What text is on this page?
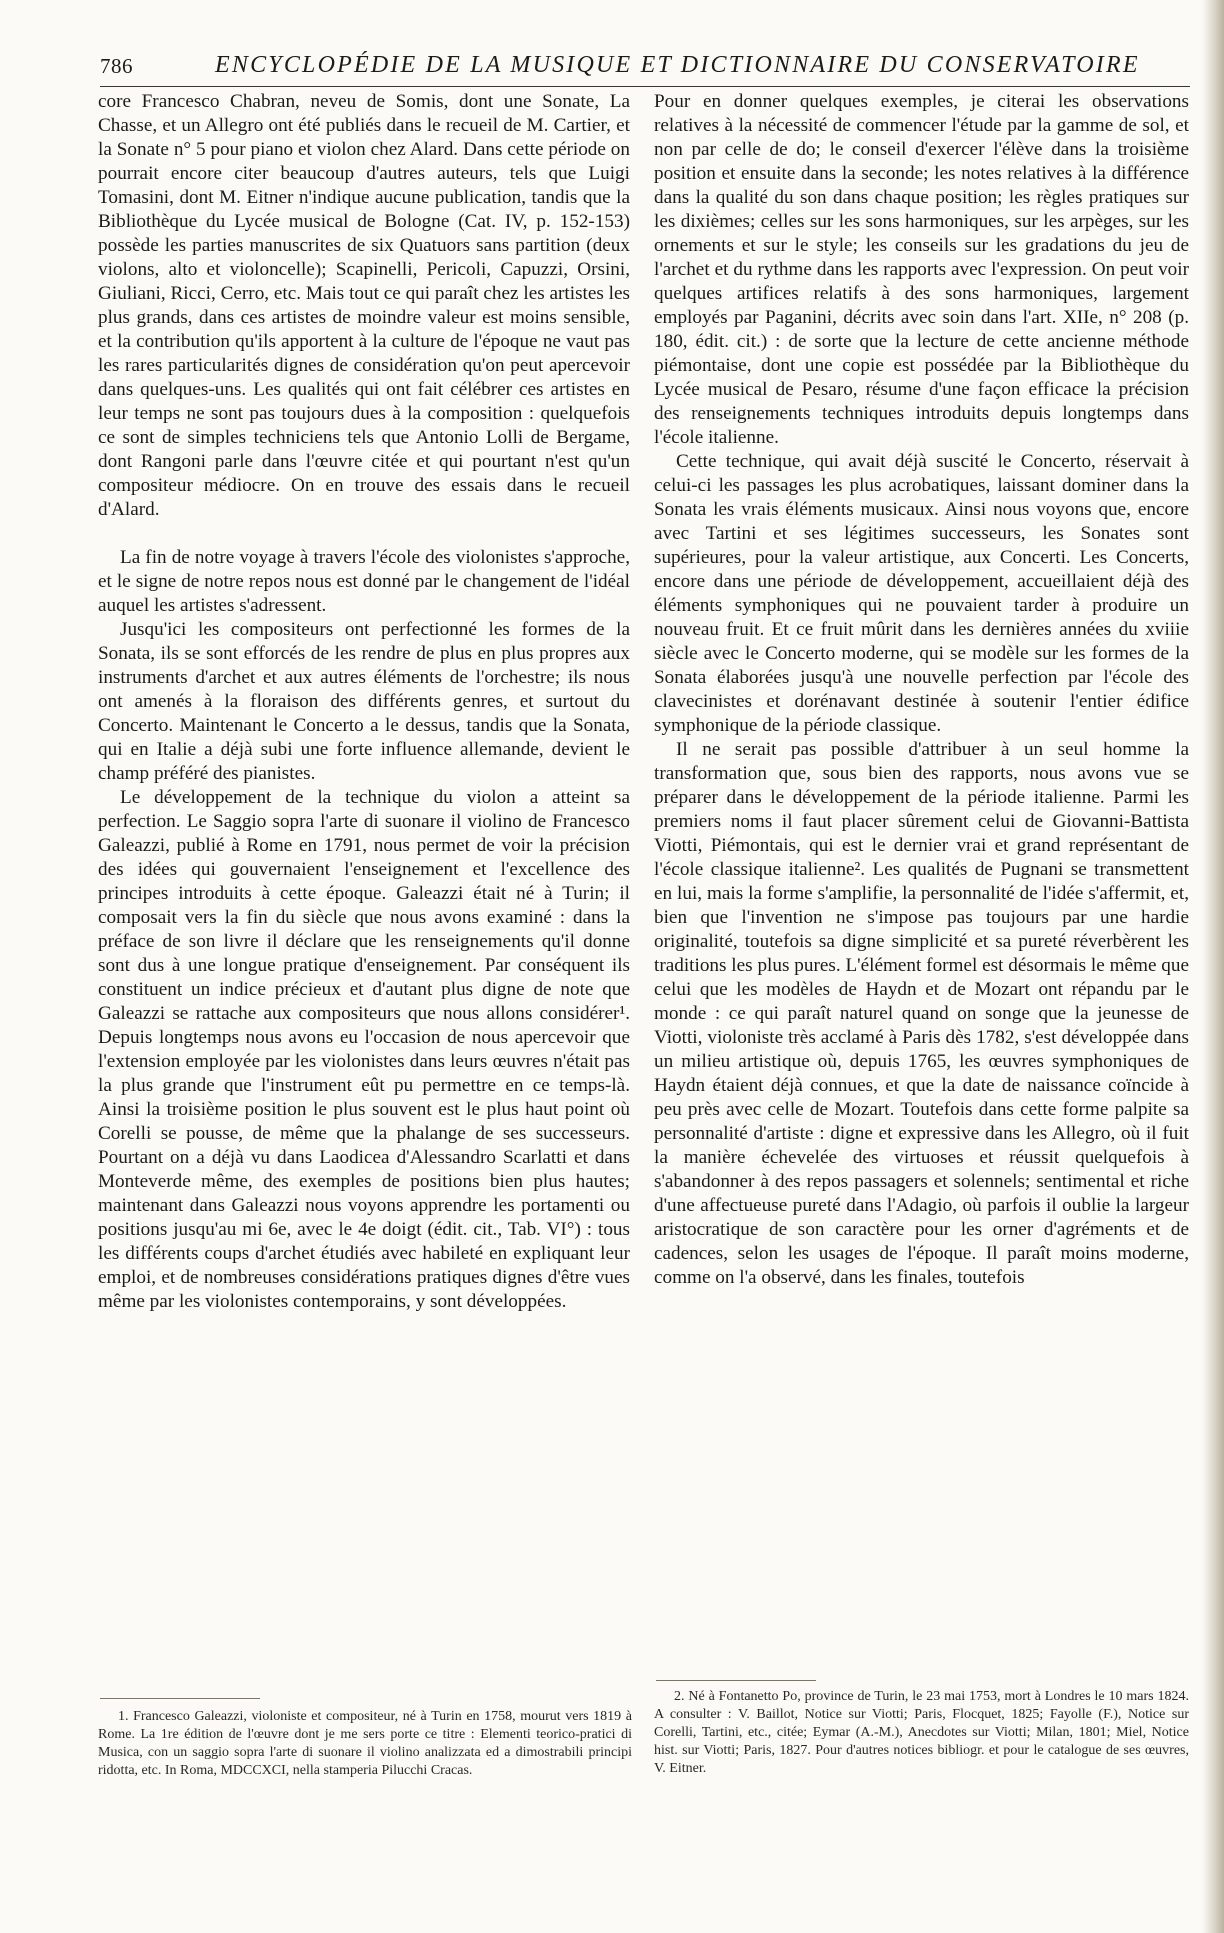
786	ENCYCLOPÉDIE DE LA MUSIQUE ET DICTIONNAIRE DU CONSERVATOIRE

core Francesco Chabran, neveu de Somis, dont une Sonate, La Chasse, et un Allegro ont été publiés dans le recueil de M. Cartier, et la Sonate n° 5 pour piano et violon chez Alard. Dans cette période on pourrait encore citer beaucoup d'autres auteurs, tels que Luigi Tomasini, dont M. Eitner n'indique aucune publication, tandis que la Bibliothèque du Lycée musical de Bologne (Cat. IV, p. 152-153) possède les parties manuscrites de six Quatuors sans partition (deux violons, alto et violoncelle); Scapinelli, Pericoli, Capuzzi, Orsini, Giuliani, Ricci, Cerro, etc. Mais tout ce qui paraît chez les artistes les plus grands, dans ces artistes de moindre valeur est moins sensible, et la contribution qu'ils apportent à la culture de l'époque ne vaut pas les rares particularités dignes de considération qu'on peut apercevoir dans quelques-uns. Les qualités qui ont fait célébrer ces artistes en leur temps ne sont pas toujours dues à la composition : quelquefois ce sont de simples techniciens tels que Antonio Lolli de Bergame, dont Rangoni parle dans l'œuvre citée et qui pourtant n'est qu'un compositeur médiocre. On en trouve des essais dans le recueil d'Alard.

La fin de notre voyage à travers l'école des violonistes s'approche, et le signe de notre repos nous est donné par le changement de l'idéal auquel les artistes s'adressent.

Jusqu'ici les compositeurs ont perfectionné les formes de la Sonata, ils se sont efforcés de les rendre de plus en plus propres aux instruments d'archet et aux autres éléments de l'orchestre; ils nous ont amenés à la floraison des différents genres, et surtout du Concerto. Maintenant le Concerto a le dessus, tandis que la Sonata, qui en Italie a déjà subi une forte influence allemande, devient le champ préféré des pianistes.

Le développement de la technique du violon a atteint sa perfection. Le Saggio sopra l'arte di suonare il violino de Francesco Galeazzi, publié à Rome en 1791, nous permet de voir la précision des idées qui gouvernaient l'enseignement et l'excellence des principes introduits à cette époque. Galeazzi était né à Turin; il composait vers la fin du siècle que nous avons examiné : dans la préface de son livre il déclare que les renseignements qu'il donne sont dus à une longue pratique d'enseignement. Par conséquent ils constituent un indice précieux et d'autant plus digne de note que Galeazzi se rattache aux compositeurs que nous allons considérer¹. Depuis longtemps nous avons eu l'occasion de nous apercevoir que l'extension employée par les violonistes dans leurs œuvres n'était pas la plus grande que l'instrument eût pu permettre en ce temps-là. Ainsi la troisième position le plus souvent est le plus haut point où Corelli se pousse, de même que la phalange de ses successeurs. Pourtant on a déjà vu dans Laodicea d'Alessandro Scarlatti et dans Monteverde même, des exemples de positions bien plus hautes; maintenant dans Galeazzi nous voyons apprendre les portamenti ou positions jusqu'au mi 6e, avec le 4e doigt (édit. cit., Tab. VI°) : tous les différents coups d'archet étudiés avec habileté en expliquant leur emploi, et de nombreuses considérations pratiques dignes d'être vues même par les violonistes contemporains, y sont développées.

Pour en donner quelques exemples, je citerai les observations relatives à la nécessité de commencer l'étude par la gamme de sol, et non par celle de do; le conseil d'exercer l'élève dans la troisième position et ensuite dans la seconde; les notes relatives à la différence dans la qualité du son dans chaque position; les règles pratiques sur les dixièmes; celles sur les sons harmoniques, sur les arpèges, sur les ornements et sur le style; les conseils sur les gradations du jeu de l'archet et du rythme dans les rapports avec l'expression. On peut voir quelques artifices relatifs à des sons harmoniques, largement employés par Paganini, décrits avec soin dans l'art. XIIe, n° 208 (p. 180, édit. cit.) : de sorte que la lecture de cette ancienne méthode piémontaise, dont une copie est possédée par la Bibliothèque du Lycée musical de Pesaro, résume d'une façon efficace la précision des renseignements techniques introduits depuis longtemps dans l'école italienne.

Cette technique, qui avait déjà suscité le Concerto, réservait à celui-ci les passages les plus acrobatiques, laissant dominer dans la Sonata les vrais éléments musicaux. Ainsi nous voyons que, encore avec Tartini et ses légitimes successeurs, les Sonates sont supérieures, pour la valeur artistique, aux Concerti. Les Concerts, encore dans une période de développement, accueillaient déjà des éléments symphoniques qui ne pouvaient tarder à produire un nouveau fruit. Et ce fruit mûrit dans les dernières années du xviiie siècle avec le Concerto moderne, qui se modèle sur les formes de la Sonata élaborées jusqu'à une nouvelle perfection par l'école des clavecinistes et dorénavant destinée à soutenir l'entier édifice symphonique de la période classique.

Il ne serait pas possible d'attribuer à un seul homme la transformation que, sous bien des rapports, nous avons vue se préparer dans le développement de la période italienne. Parmi les premiers noms il faut placer sûrement celui de Giovanni-Battista Viotti, Piémontais, qui est le dernier vrai et grand représentant de l'école classique italienne². Les qualités de Pugnani se transmettent en lui, mais la forme s'amplifie, la personnalité de l'idée s'affermit, et, bien que l'invention ne s'impose pas toujours par une hardie originalité, toutefois sa digne simplicité et sa pureté réverbèrent les traditions les plus pures. L'élément formel est désormais le même que celui que les modèles de Haydn et de Mozart ont répandu par le monde : ce qui paraît naturel quand on songe que la jeunesse de Viotti, violoniste très acclamé à Paris dès 1782, s'est développée dans un milieu artistique où, depuis 1765, les œuvres symphoniques de Haydn étaient déjà connues, et que la date de naissance coïncide à peu près avec celle de Mozart. Toutefois dans cette forme palpite sa personnalité d'artiste : digne et expressive dans les Allegro, où il fuit la manière échevelée des virtuoses et réussit quelquefois à s'abandonner à des repos passagers et solennels; sentimental et riche d'une affectueuse pureté dans l'Adagio, où parfois il oublie la largeur aristocratique de son caractère pour les orner d'agréments et de cadences, selon les usages de l'époque. Il paraît moins moderne, comme on l'a observé, dans les finales, toutefois

1. Francesco Galeazzi, violoniste et compositeur, né à Turin en 1758, mourut vers 1819 à Rome. La 1re édition de l'œuvre dont je me sers porte ce titre : Elementi teorico-pratici di Musica, con un saggio sopra l'arte di suonare il violino analizzata ed a dimostrabili principi ridotta, etc. In Roma, MDCCXCI, nella stamperia Pilucchi Cracas.

2. Né à Fontanetto Po, province de Turin, le 23 mai 1753, mort à Londres le 10 mars 1824. A consulter : V. Baillot, Notice sur Viotti; Paris, Flocquet, 1825; Fayolle (F.), Notice sur Corelli, Tartini, etc., citée; Eymar (A.-M.), Anecdotes sur Viotti; Milan, 1801; Miel, Notice hist. sur Viotti; Paris, 1827. Pour d'autres notices bibliogr. et pour le catalogue de ses œuvres, V. Eitner.
